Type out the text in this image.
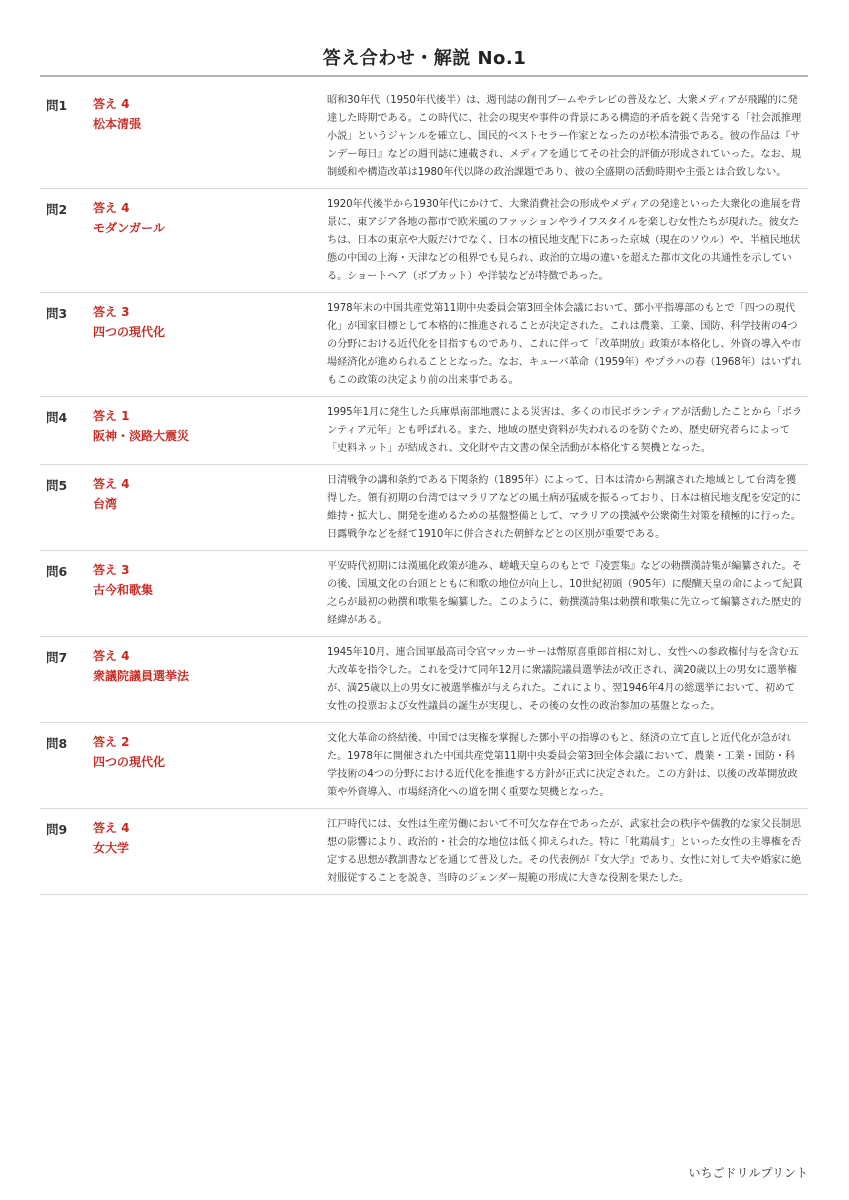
答え合わせ・解説 No.1
問1 答え 4
松本清張
昭和30年代（1950年代後半）は、週刊誌の創刊ブームやテレビの普及など、大衆メディアが飛躍的に発達した時期である。この時代に、社会の現実や事件の背景にある構造的矛盾を鋭く告発する「社会派推理小説」というジャンルを確立し、国民的ベストセラー作家となったのが松本清張である。彼の作品は『サンデー毎日』などの週刊誌に連載され、メディアを通じてその社会的評価が形成されていった。なお、規制緩和や構造改革は1980年代以降の政治課題であり、彼の全盛期の活動時期や主張とは合致しない。
問2 答え 4
モダンガール
1920年代後半から1930年代にかけて、大衆消費社会の形成やメディアの発達といった大衆化の進展を背景に、東アジア各地の都市で欧米風のファッションやライフスタイルを楽しむ女性たちが現れた。彼女たちは、日本の東京や大阪だけでなく、日本の植民地支配下にあった京城（現在のソウル）や、半植民地状態の中国の上海・天津などの租界でも見られ、政治的立場の違いを超えた都市文化の共通性を示している。ショートヘア（ボブカット）や洋装などが特徴であった。
問3 答え 3
四つの現代化
1978年末の中国共産党第11期中央委員会第3回全体会議において、鄧小平指導部のもとで「四つの現代化」が国家目標として本格的に推進されることが決定された。これは農業、工業、国防、科学技術の4つの分野における近代化を目指すものであり、これに伴って「改革開放」政策が本格化し、外資の導入や市場経済化が進められることとなった。なお、キューバ革命（1959年）やプラハの春（1968年）はいずれもこの政策の決定より前の出来事である。
問4 答え 1
阪神・淡路大震災
1995年1月に発生した兵庫県南部地震による災害は、多くの市民ボランティアが活動したことから「ボランティア元年」とも呼ばれる。また、地域の歴史資料が失われるのを防ぐため、歴史研究者らによって「史料ネット」が結成され、文化財や古文書の保全活動が本格化する契機となった。
問5 答え 4
台湾
日清戦争の講和条約である下関条約（1895年）によって、日本は清から割譲された地域として台湾を獲得した。領有初期の台湾ではマラリアなどの風土病が猛威を振るっており、日本は植民地支配を安定的に維持・拡大し、開発を進めるための基盤整備として、マラリアの撲滅や公衆衛生対策を積極的に行った。日露戦争などを経て1910年に併合された朝鮮などとの区別が重要である。
問6 答え 3
古今和歌集
平安時代初期には漢風化政策が進み、嵯峨天皇らのもとで『凌雲集』などの勅撰漢詩集が編纂された。その後、国風文化の台頭とともに和歌の地位が向上し、10世紀初頭（905年）に醍醐天皇の命によって紀貫之らが最初の勅撰和歌集を編纂した。このように、勅撰漢詩集は勅撰和歌集に先立って編纂された歴史的経緯がある。
問7 答え 4
衆議院議員選挙法
1945年10月、連合国軍最高司令官マッカーサーは幣原喜重郎首相に対し、女性への参政権付与を含む五大改革を指令した。これを受けて同年12月に衆議院議員選挙法が改正され、満20歳以上の男女に選挙権が、満25歳以上の男女に被選挙権が与えられた。これにより、翌1946年4月の総選挙において、初めて女性の投票および女性議員の誕生が実現し、その後の女性の政治参加の基盤となった。
問8 答え 2
四つの現代化
文化大革命の終結後、中国では実権を掌握した鄧小平の指導のもと、経済の立て直しと近代化が急がれた。1978年に開催された中国共産党第11期中央委員会第3回全体会議において、農業・工業・国防・科学技術の4つの分野における近代化を推進する方針が正式に決定された。この方針は、以後の改革開放政策や外資導入、市場経済化への道を開く重要な契機となった。
問9 答え 4
女大学
江戸時代には、女性は生産労働において不可欠な存在であったが、武家社会の秩序や儒教的な家父長制思想の影響により、政治的・社会的な地位は低く抑えられた。特に「牝鶏晨す」といった女性の主導権を否定する思想が教訓書などを通じて普及した。その代表例が『女大学』であり、女性に対して夫や婚家に絶対服従することを説き、当時のジェンダー規範の形成に大きな役割を果たした。
いちごドリルプリント
